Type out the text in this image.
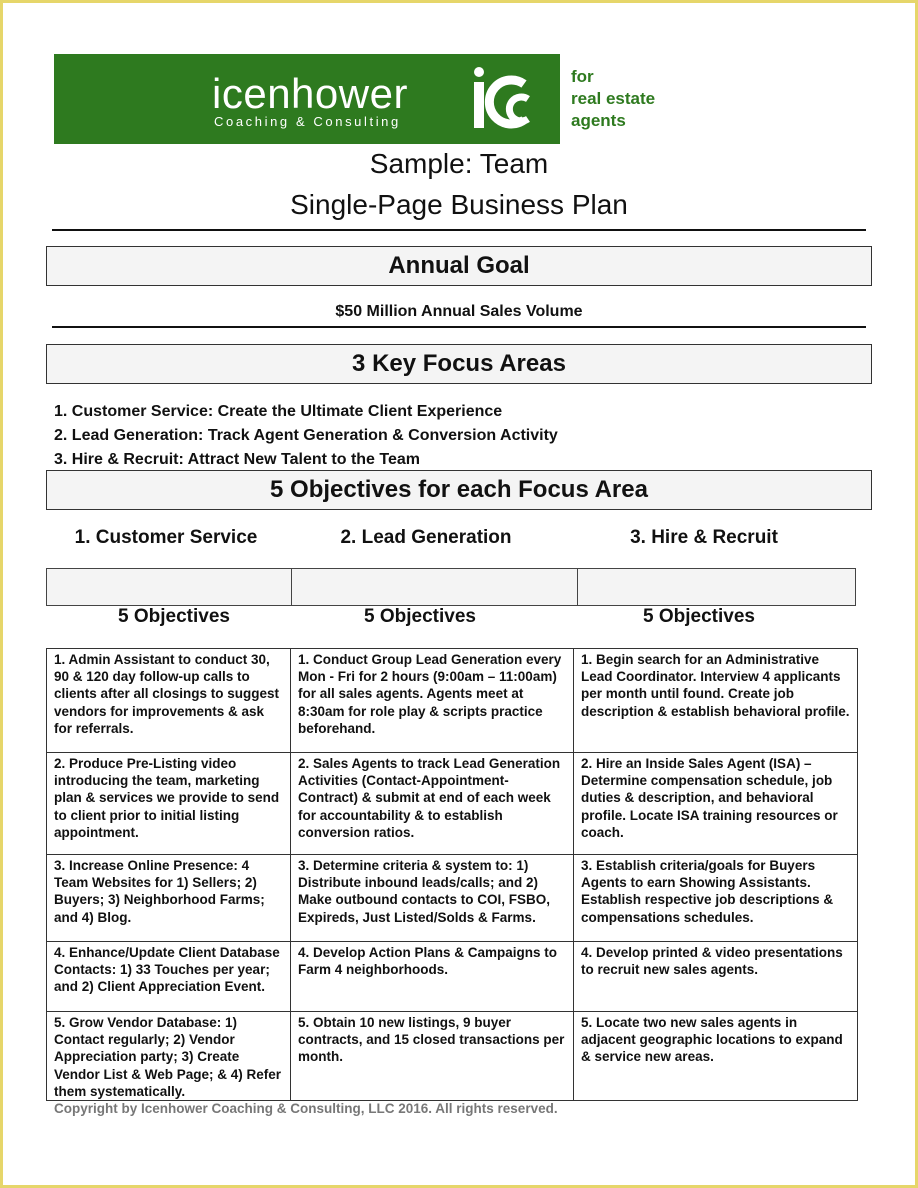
icenhower
Coaching & Consulting
for
real estate
agents
Sample: Team
Single-Page Business Plan
Annual Goal
$50 Million Annual Sales Volume
3 Key Focus Areas
1. Customer Service: Create the Ultimate Client Experience
2. Lead Generation: Track Agent Generation & Conversion Activity
3. Hire & Recruit: Attract New Talent to the Team
5 Objectives for each Focus Area
1. Customer Service	2. Lead Generation	3. Hire & Recruit
5 Objectives	5 Objectives	5 Objectives
1. Admin Assistant to conduct 30, 90 & 120 day follow-up calls to clients after all closings to suggest vendors for improvements & ask for referrals.	1. Conduct Group Lead Generation every Mon - Fri for 2 hours (9:00am – 11:00am) for all sales agents. Agents meet at 8:30am for role play & scripts practice beforehand.	1. Begin search for an Administrative Lead Coordinator. Interview 4 applicants per month until found. Create job description & establish behavioral profile.
2. Produce Pre-Listing video introducing the team, marketing plan & services we provide to send to client prior to initial listing appointment.	2. Sales Agents to track Lead Generation Activities (Contact-Appointment-Contract) & submit at end of each week for accountability & to establish conversion ratios.	2. Hire an Inside Sales Agent (ISA) – Determine compensation schedule, job duties & description, and behavioral profile. Locate ISA training resources or coach.
3. Increase Online Presence: 4 Team Websites for 1) Sellers; 2) Buyers; 3) Neighborhood Farms; and 4) Blog.	3. Determine criteria & system to: 1) Distribute inbound leads/calls; and 2) Make outbound contacts to COI, FSBO, Expireds, Just Listed/Solds & Farms.	3. Establish criteria/goals for Buyers Agents to earn Showing Assistants. Establish respective job descriptions & compensations schedules.
4. Enhance/Update Client Database Contacts: 1) 33 Touches per year; and 2) Client Appreciation Event.	4. Develop Action Plans & Campaigns to Farm 4 neighborhoods.	4. Develop printed & video presentations to recruit new sales agents.
5. Grow Vendor Database: 1) Contact regularly; 2) Vendor Appreciation party; 3) Create Vendor List & Web Page; & 4) Refer them systematically.	5. Obtain 10 new listings, 9 buyer contracts, and 15 closed transactions per month.	5. Locate two new sales agents in adjacent geographic locations to expand & service new areas.
Copyright by Icenhower Coaching & Consulting, LLC 2016. All rights reserved.
